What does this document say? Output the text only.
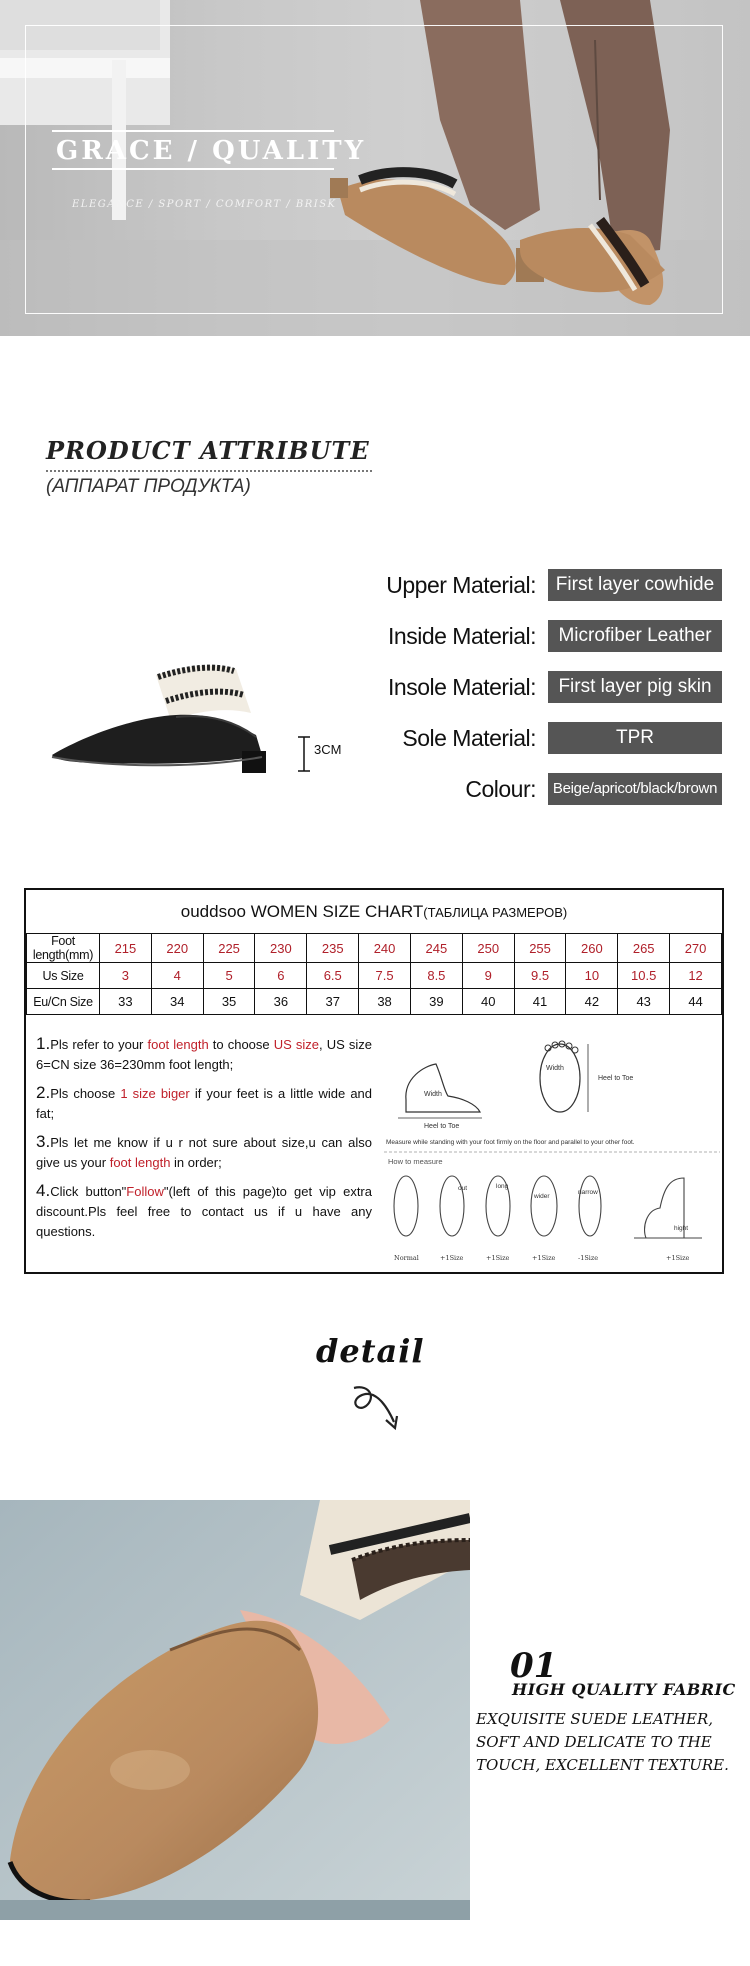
GRACE / QUALITY
ELEGANCE / SPORT / COMFORT / BRISK
PRODUCT ATTRIBUTE
(АППАРАТ ПРОДУКТА)
Upper Material:	First layer cowhide
Inside Material:	Microfiber Leather
Insole Material:	First layer pig skin
Sole Material:	TPR
Colour:	Beige/apricot/black/brown
3CM
ouddsoo WOMEN SIZE CHART(ТАБЛИЦА РАЗМЕРОВ)
Foot length(mm)	215	220	225	230	235	240	245	250	255	260	265	270
Us Size	3	4	5	6	6.5	7.5	8.5	9	9.5	10	10.5	12
Eu/Cn Size	33	34	35	36	37	38	39	40	41	42	43	44
1.Pls refer to your foot length to choose US size, US size 6=CN size 36=230mm foot length;
2.Pls choose 1 size biger if your feet is a little wide and fat;
3.Pls let me know if u r not sure about size,u can also give us your foot length in order;
4.Click button"Follow"(left of this page)to get vip extra discount.Pls feel free to contact us if u have any questions.
Width
Heel to Toe
Width
Heel to Toe
Measure while standing with your foot firmly on the floor and parallel to your other foot.
How to measure
out	long
wider
narrow
hight
Normal	+1Size	+1Size	+1Size	-1Size	+1Size
detail
01
HIGH QUALITY FABRIC
EXQUISITE SUEDE LEATHER, SOFT AND DELICATE TO THE TOUCH, EXCELLENT TEXTURE.
